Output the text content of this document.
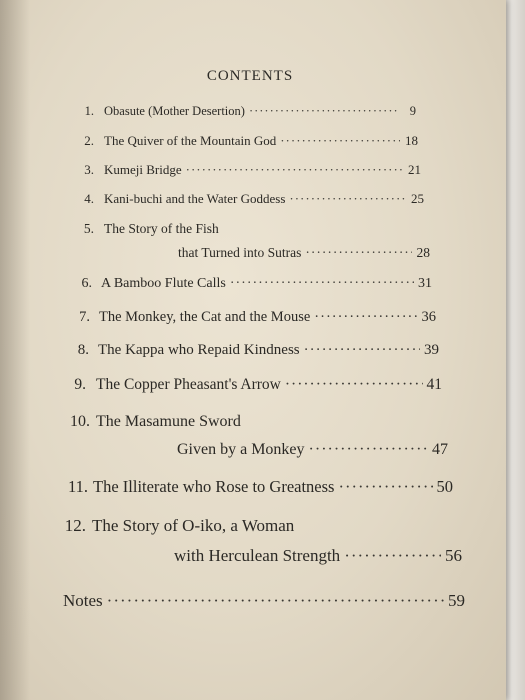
CONTENTS
1. Obasute (Mother Desertion) ·····	9
2. The Quiver of the Mountain God ·····	18
3. Kumeji Bridge ·····	21
4. Kani-buchi and the Water Goddess ·····	25
5. The Story of the Fish
that Turned into Sutras ·····	28
6. A Bamboo Flute Calls ·····	31
7. The Monkey, the Cat and the Mouse ·····	36
8. The Kappa who Repaid Kindness ·····	39
9. The Copper Pheasant's Arrow ·····	41
10. The Masamune Sword
Given by a Monkey ·····	47
11. The Illiterate who Rose to Greatness ·····	50
12. The Story of O-iko, a Woman
with Herculean Strength ·····	56
Notes ·····	59
